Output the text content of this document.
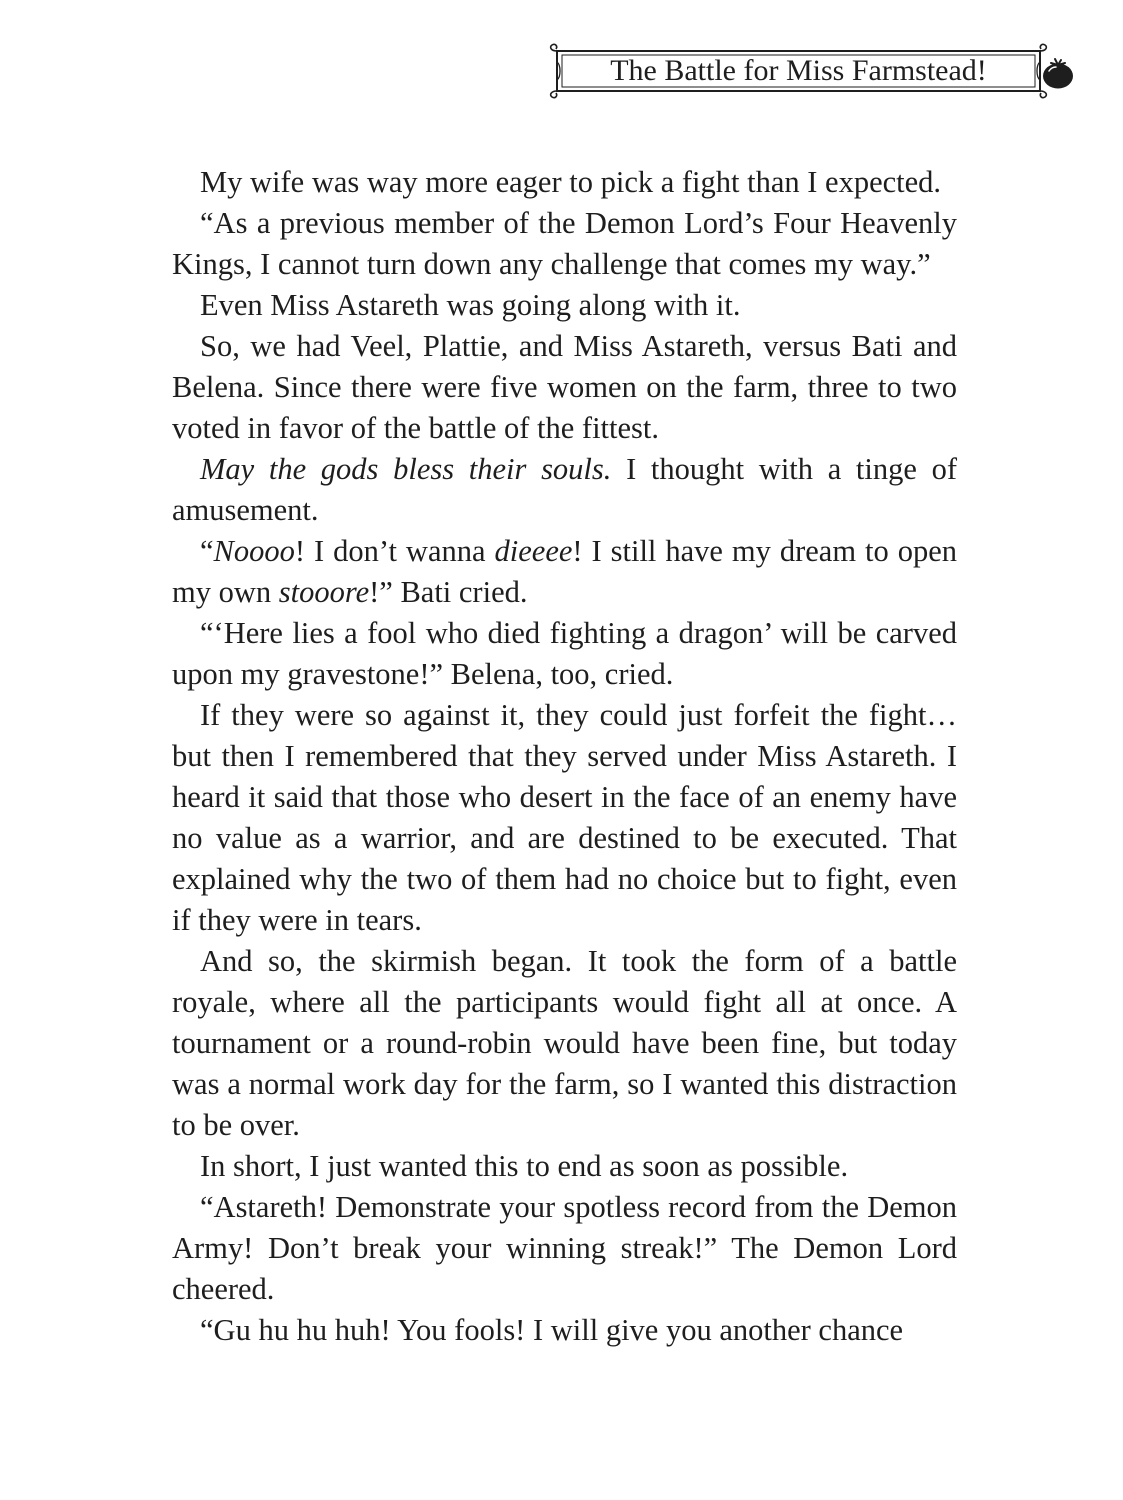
The Battle for Miss Farmstead!

My wife was way more eager to pick a fight than I expected.

“As a previous member of the Demon Lord’s Four Heavenly Kings, I cannot turn down any challenge that comes my way.”

Even Miss Astareth was going along with it.

So, we had Veel, Plattie, and Miss Astareth, versus Bati and Belena. Since there were five women on the farm, three to two voted in favor of the battle of the fittest.

May the gods bless their souls. I thought with a tinge of amusement.

“Noooo! I don’t wanna dieeee! I still have my dream to open my own stooore!” Bati cried.

“‘Here lies a fool who died fighting a dragon’ will be carved upon my gravestone!” Belena, too, cried.

If they were so against it, they could just forfeit the fight…but then I remembered that they served under Miss Astareth. I heard it said that those who desert in the face of an enemy have no value as a warrior, and are destined to be executed. That explained why the two of them had no choice but to fight, even if they were in tears.

And so, the skirmish began. It took the form of a battle royale, where all the participants would fight all at once. A tournament or a round-robin would have been fine, but today was a normal work day for the farm, so I wanted this distraction to be over.

In short, I just wanted this to end as soon as possible.

“Astareth! Demonstrate your spotless record from the Demon Army! Don’t break your winning streak!” The Demon Lord cheered.

“Gu hu hu huh! You fools! I will give you another chance
